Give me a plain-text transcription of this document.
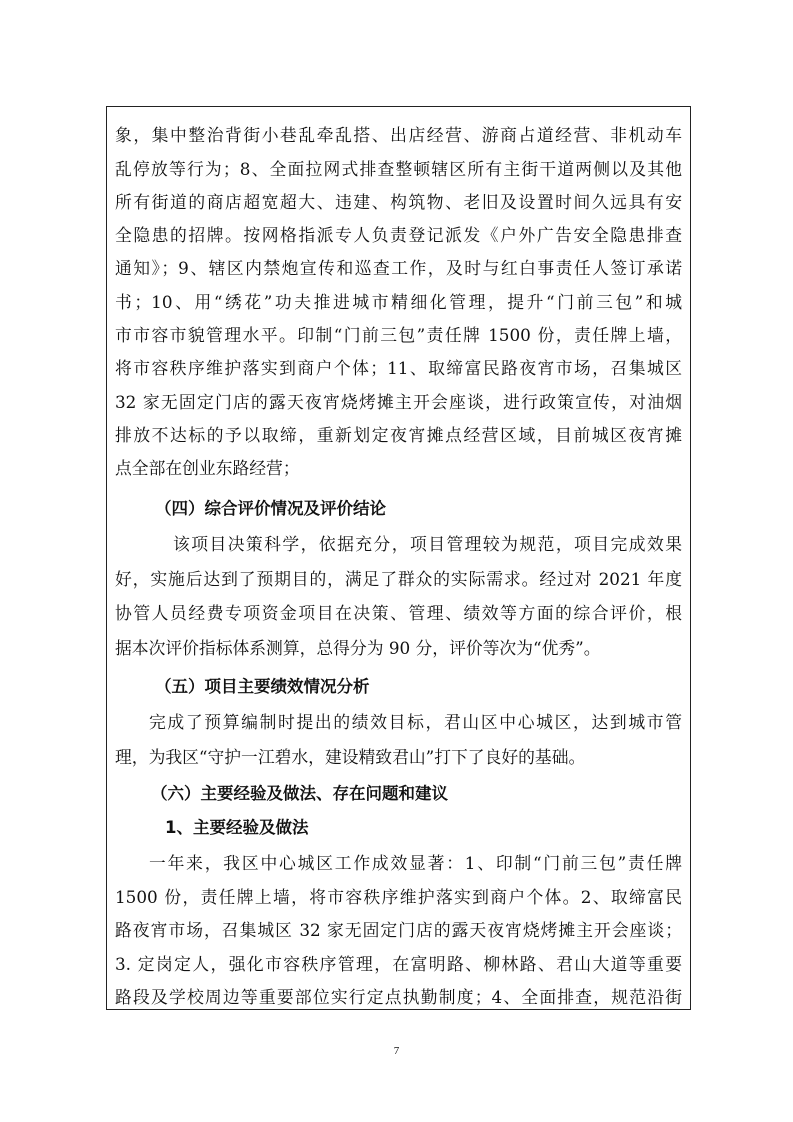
象，集中整治背街小巷乱牵乱搭、出店经营、游商占道经营、非机动车
乱停放等行为；8、全面拉网式排查整顿辖区所有主街干道两侧以及其他
所有街道的商店超宽超大、违建、构筑物、老旧及设置时间久远具有安
全隐患的招牌。按网格指派专人负责登记派发《户外广告安全隐患排查
通知》；9、辖区内禁炮宣传和巡查工作，及时与红白事责任人签订承诺
书；10、用“绣花”功夫推进城市精细化管理，提升“门前三包”和城
市市容市貌管理水平。印制“门前三包”责任牌 1500 份，责任牌上墙，
将市容秩序维护落实到商户个体；11、取缔富民路夜宵市场，召集城区
32 家无固定门店的露天夜宵烧烤摊主开会座谈，进行政策宣传，对油烟
排放不达标的予以取缔，重新划定夜宵摊点经营区域，目前城区夜宵摊
点全部在创业东路经营；
（四）综合评价情况及评价结论
该项目决策科学，依据充分，项目管理较为规范，项目完成效果
好，实施后达到了预期目的，满足了群众的实际需求。经过对 2021 年度
协管人员经费专项资金项目在决策、管理、绩效等方面的综合评价，根
据本次评价指标体系测算，总得分为 90 分，评价等次为“优秀”。
（五）项目主要绩效情况分析
完成了预算编制时提出的绩效目标，君山区中心城区，达到城市管
理，为我区“守护一江碧水，建设精致君山”打下了良好的基础。
（六）主要经验及做法、存在问题和建议
1、主要经验及做法
一年来，我区中心城区工作成效显著：1、印制“门前三包”责任牌
1500 份，责任牌上墙，将市容秩序维护落实到商户个体。2、取缔富民
路夜宵市场，召集城区 32 家无固定门店的露天夜宵烧烤摊主开会座谈；
3. 定岗定人，强化市容秩序管理，在富明路、柳林路、君山大道等重要
路段及学校周边等重要部位实行定点执勤制度；4、全面排查，规范沿街
7
